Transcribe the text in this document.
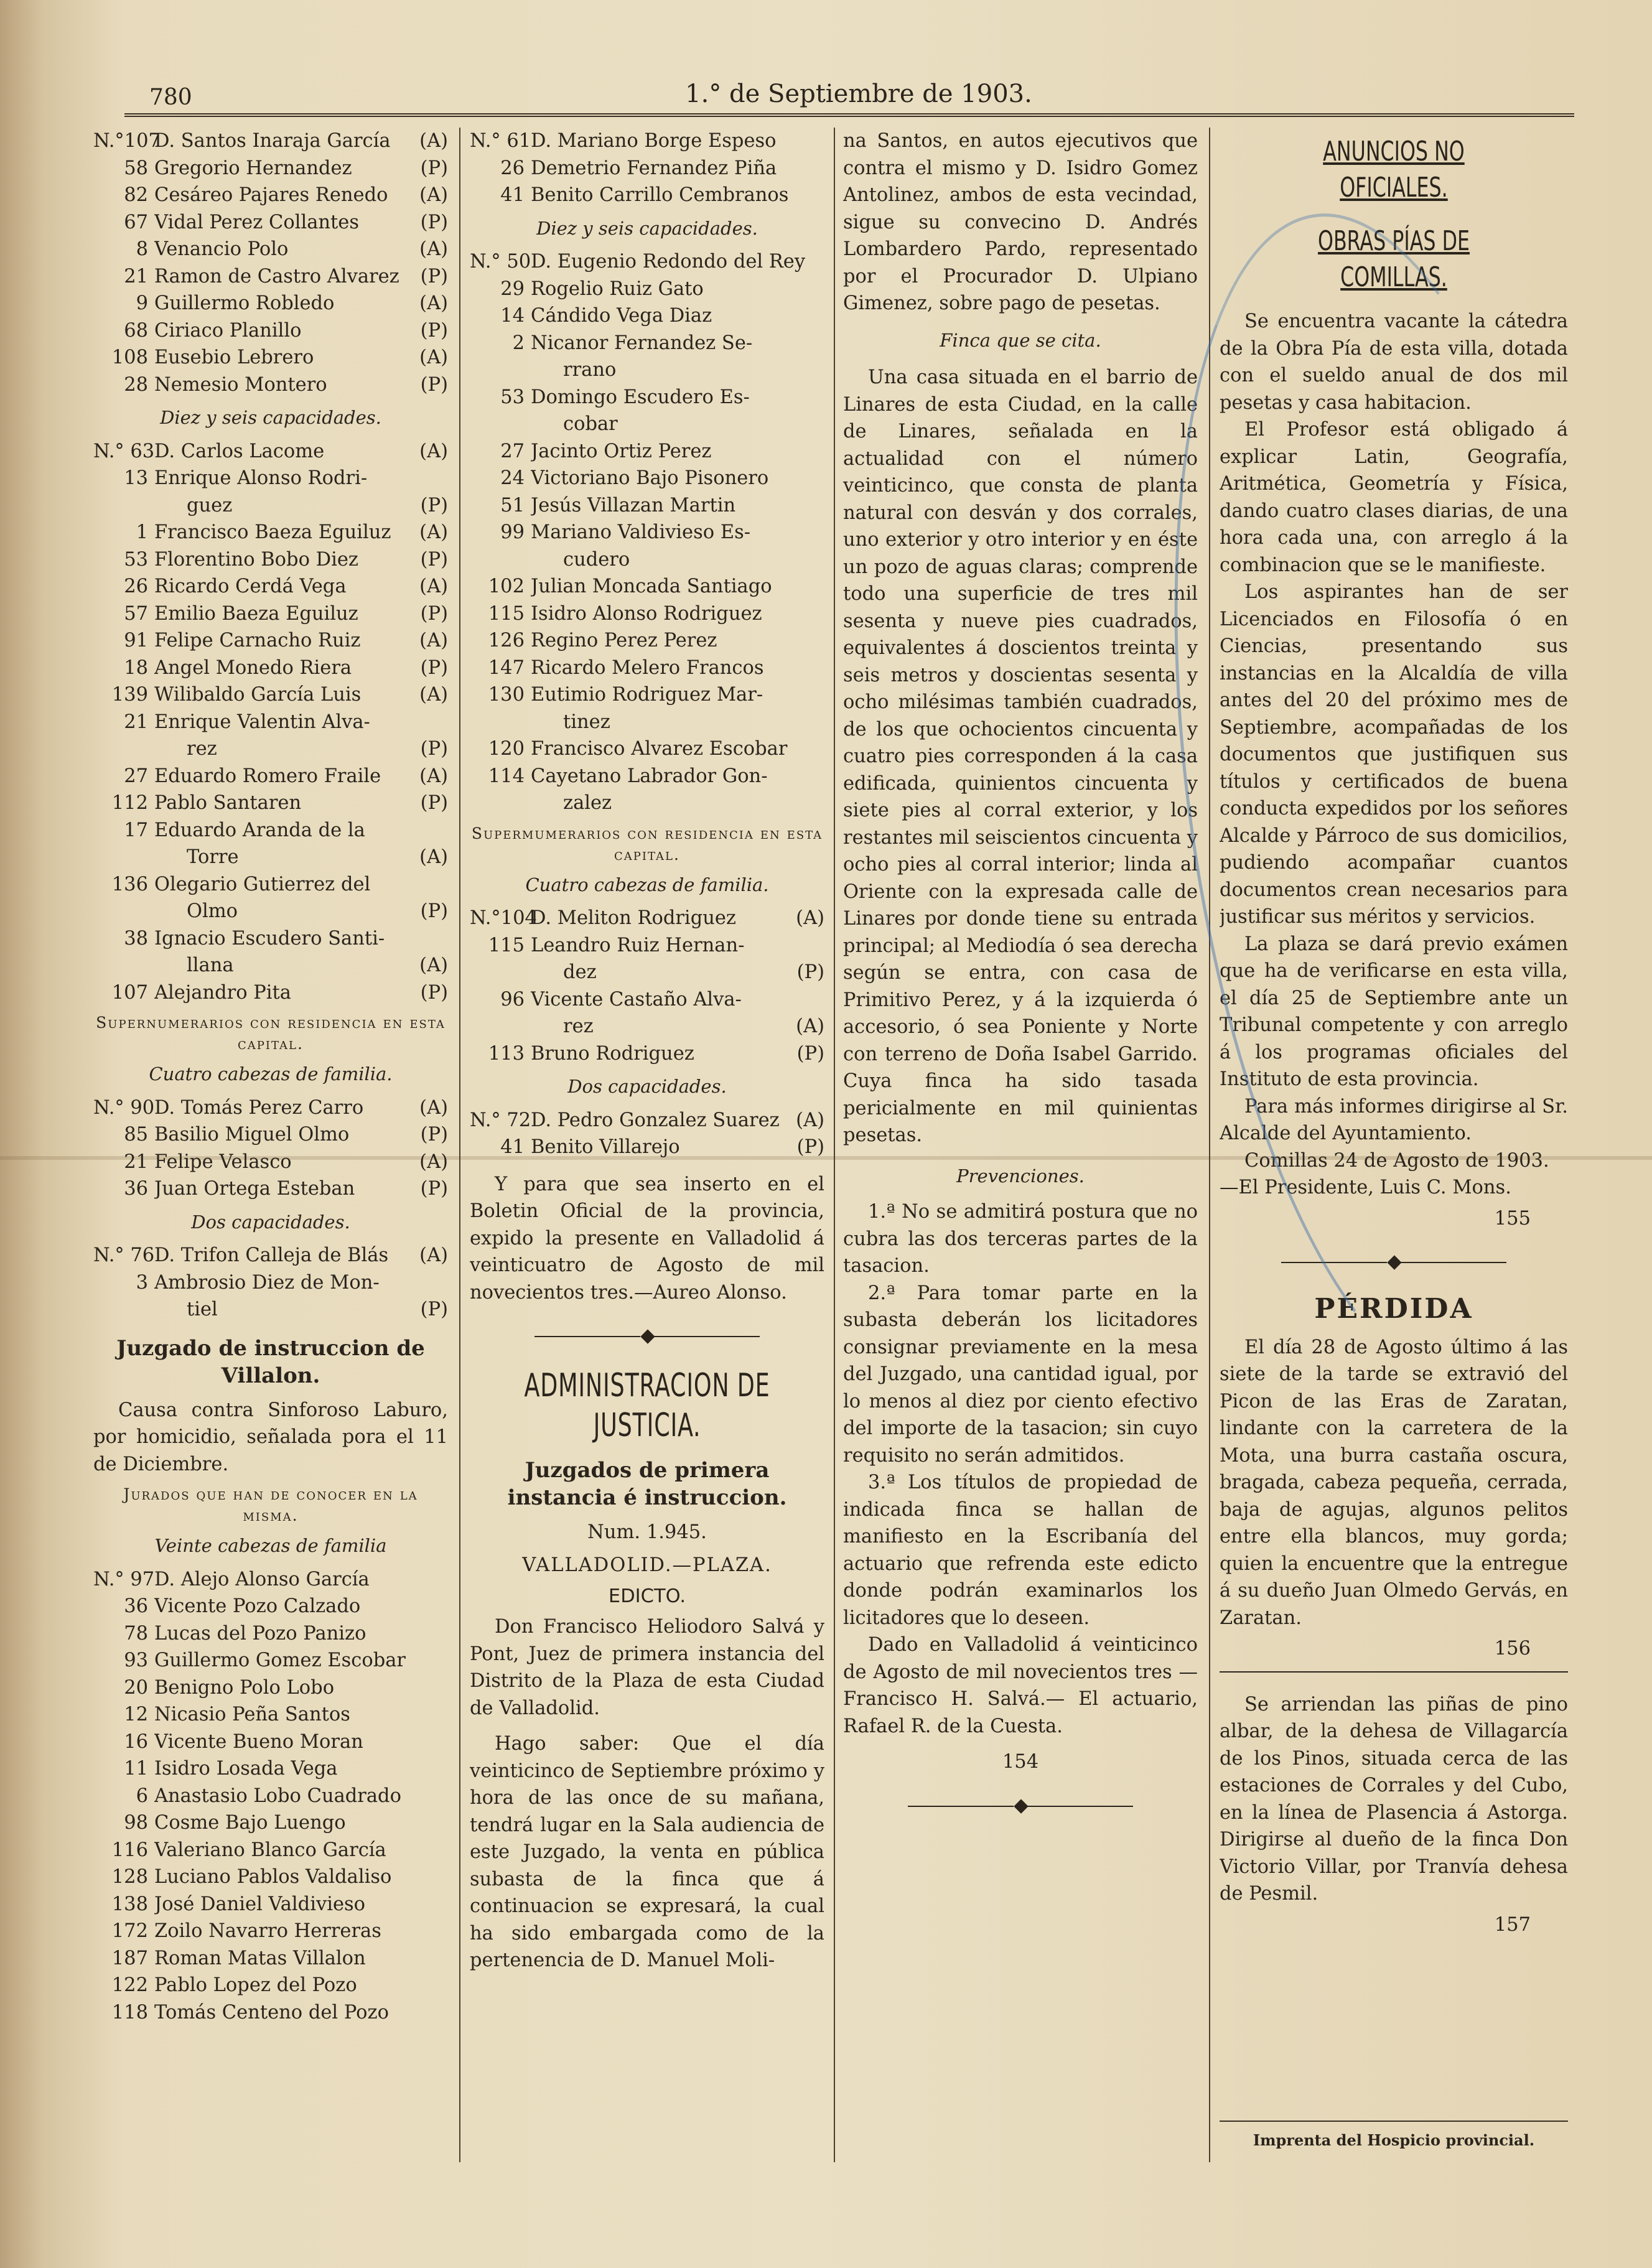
780	1.° de Septiembre de 1903.
N.°107
D. Santos Inaraja García	(A)
58 Gregorio Hernandez	(P)
82 Cesáreo Pajares Renedo	(A)
67 Vidal Perez Collantes	(P)
8 Venancio Polo	(A)
21 Ramon de Castro Alvarez	(P)
9 Guillermo Robledo	(A)
68 Ciriaco Planillo	(P)
108 Eusebio Lebrero	(A)
28 Nemesio Montero	(P)
Diez y seis capacidades.
N.° 63 D. Carlos Lacome	(A)
13 Enrique Alonso Rodri-
guez	(P)
1 Francisco Baeza Eguiluz	(A)
53 Florentino Bobo Diez	(P)
26 Ricardo Cerdá Vega	(A)
57 Emilio Baeza Eguiluz	(P)
91 Felipe Carnacho Ruiz	(A)
18 Angel Monedo Riera	(P)
139 Wilibaldo García Luis	(A)
21 Enrique Valentin Alva-
rez	(P)
27 Eduardo Romero Fraile	(A)
112 Pablo Santaren	(P)
17 Eduardo Aranda de la
Torre	(A)
136 Olegario Gutierrez del
Olmo	(P)
38 Ignacio Escudero Santi-
llana	(A)
107 Alejandro Pita	(P)
Supernumerarios con residencia en esta capital.
Cuatro cabezas de familia.
N.° 90 D. Tomás Perez Carro	(A)
85 Basilio Miguel Olmo	(P)
21 Felipe Velasco	(A)
36 Juan Ortega Esteban	(P)
Dos capacidades.
N.° 76 D. Trifon Calleja de Blás	(A)
3 Ambrosio Diez de Mon-
tiel	(P)
Juzgado de instruccion de Villalon.

Causa contra Sinforoso Laburo, por homicidio, señalada pora el 11 de Diciembre.

Jurados que han de conocer en la misma.
Veinte cabezas de familia
N.° 97 D. Alejo Alonso García
36 Vicente Pozo Calzado
78 Lucas del Pozo Panizo
93 Guillermo Gomez Escobar
20 Benigno Polo Lobo
12 Nicasio Peña Santos
16 Vicente Bueno Moran
11 Isidro Losada Vega
6 Anastasio Lobo Cuadrado
98 Cosme Bajo Luengo
116 Valeriano Blanco García
128 Luciano Pablos Valdaliso
138 José Daniel Valdivieso
172 Zoilo Navarro Herreras
187 Roman Matas Villalon
122 Pablo Lopez del Pozo
118 Tomás Centeno del Pozo
N.° 61 D. Mariano Borge Espeso
26 Demetrio Fernandez Piña
41 Benito Carrillo Cembranos
Diez y seis capacidades.
N.° 50 D. Eugenio Redondo del Rey
29 Rogelio Ruiz Gato
14 Cándido Vega Diaz
2 Nicanor Fernandez Se-
rrano
53 Domingo Escudero Es-
cobar
27 Jacinto Ortiz Perez
24 Victoriano Bajo Pisonero
51 Jesús Villazan Martin
99 Mariano Valdivieso Es-
cudero
102 Julian Moncada Santiago
115 Isidro Alonso Rodriguez
126 Regino Perez Perez
147 Ricardo Melero Francos
130 Eutimio Rodriguez Mar-
tinez
120 Francisco Alvarez Escobar
114 Cayetano Labrador Gon-
zalez
Supermumerarios con residencia en esta capital.
Cuatro cabezas de familia.
N.°104
D. Meliton Rodriguez	(A)
115 Leandro Ruiz Hernan-
dez	(P)
96 Vicente Castaño Alva-
rez	(A)
113 Bruno Rodriguez	(P)
Dos capacidades.
N.° 72 D. Pedro Gonzalez Suarez (A)
41 Benito Villarejo	(P)

Y para que sea inserto en el Boletin Oficial de la provincia, expido la presente en Valladolid á veinticuatro de Agosto de mil novecientos tres.—Aureo Alonso.

◆
ADMINISTRACION DE JUSTICIA.
Juzgados de primera instancia é instruccion.
Num. 1.945.
VALLADOLID.—PLAZA.
EDICTO.

Don Francisco Heliodoro Salvá y Pont, Juez de primera instancia del Distrito de la Plaza de esta Ciudad de Valladolid.

Hago saber: Que el día veinticinco de Septiembre próximo y hora de las once de su mañana, tendrá lugar en la Sala audiencia de este Juzgado, la venta en pública subasta de la finca que á continuacion se expresará, la cual ha sido embargada como de la pertenencia de D. Manuel Moli-

na Santos, en autos ejecutivos que contra el mismo y D. Isidro Gomez Antolinez, ambos de esta vecindad, sigue su convecino D. Andrés Lombardero Pardo, representado por el Procurador D. Ulpiano Gimenez, sobre pago de pesetas.

Finca que se cita.

Una casa situada en el barrio de Linares de esta Ciudad, en la calle de Linares, señalada en la actualidad con el número veinticinco, que consta de planta natural con desván y dos corrales, uno exterior y otro interior y en éste un pozo de aguas claras; comprende todo una superficie de tres mil sesenta y nueve pies cuadrados, equivalentes á doscientos treinta y seis metros y doscientas sesenta y ocho milésimas también cuadrados, de los que ochocientos cincuenta y cuatro pies corresponden á la casa edificada, quinientos cincuenta y siete pies al corral exterior, y los restantes mil seiscientos cincuenta y ocho pies al corral interior; linda al Oriente con la expresada calle de Linares por donde tiene su entrada principal; al Mediodía ó sea derecha según se entra, con casa de Primitivo Perez, y á la izquierda ó accesorio, ó sea Poniente y Norte con terreno de Doña Isabel Garrido. Cuya finca ha sido tasada pericialmente en mil quinientas pesetas.

Prevenciones.

1.ª No se admitirá postura que no cubra las dos terceras partes de la tasacion.

2.ª Para tomar parte en la subasta deberán los licitadores consignar previamente en la mesa del Juzgado, una cantidad igual, por lo menos al diez por ciento efectivo del importe de la tasacion; sin cuyo requisito no serán admitidos.

3.ª Los títulos de propiedad de indicada finca se hallan de manifiesto en la Escribanía del actuario que refrenda este edicto donde podrán examinarlos los licitadores que lo deseen.

Dado en Valladolid á veinticinco de Agosto de mil novecientos tres —Francisco H. Salvá.— El actuario, Rafael R. de la Cuesta.

154
◆
ANUNCIOS NO OFICIALES.
OBRAS PÍAS DE COMILLAS.

Se encuentra vacante la cátedra de la Obra Pía de esta villa, dotada con el sueldo anual de dos mil pesetas y casa habitacion.

El Profesor está obligado á explicar Latin, Geografía, Aritmética, Geometría y Física, dando cuatro clases diarias, de una hora cada una, con arreglo á la combinacion que se le manifieste.

Los aspirantes han de ser Licenciados en Filosofía ó en Ciencias, presentando sus instancias en la Alcaldía de villa antes del 20 del próximo mes de Septiembre, acompañadas de los documentos que justifiquen sus títulos y certificados de buena conducta expedidos por los señores Alcalde y Párroco de sus domicilios, pudiendo acompañar cuantos documentos crean necesarios para justificar sus méritos y servicios.

La plaza se dará previo exámen que ha de verificarse en esta villa, el día 25 de Septiembre ante un Tribunal competente y con arreglo á los programas oficiales del Instituto de esta provincia.

Para más informes dirigirse al Sr. Alcalde del Ayuntamiento.

Comillas 24 de Agosto de 1903.

—El Presidente, Luis C. Mons.

155
◆
PÉRDIDA

El día 28 de Agosto último á las siete de la tarde se extravió del Picon de las Eras de Zaratan, lindante con la carretera de la Mota, una burra castaña oscura, bragada, cabeza pequeña, cerrada, baja de agujas, algunos pelitos entre ella blancos, muy gorda; quien la encuentre que la entregue á su dueño Juan Olmedo Gervás, en Zaratan.

156

Se arriendan las piñas de pino albar, de la dehesa de Villagarcía de los Pinos, situada cerca de las estaciones de Corrales y del Cubo, en la línea de Plasencia á Astorga. Dirigirse al dueño de la finca Don Victorio Villar, por Tranvía dehesa de Pesmil.

157
Imprenta del Hospicio provincial.
